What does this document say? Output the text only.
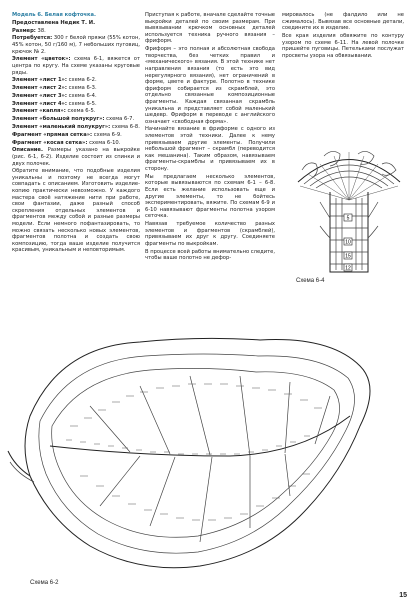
Модель 6. Белая кофточка.

Предоставлена Недик Т. И.

Размер: 38.

Потребуется: 300 г белой пряжи (55% котон, 45% котон, 50 г/160 м), 7 небольших пуговиц, крючок № 2.

Элемент «цветок»: схема 6-1, вяжется от центра по кругу. На схеме указаны круговые ряды.

Элемент «лист 1»: схема 6-2.

Элемент «лист 2»: схема 6-3.

Элемент «лист 3»: схема 6-4.

Элемент «лист 4»: схема 6-5.

Элемент «капля»: схема 6-5.

Элемент «большой полукруг»: схема 6-7.

Элемент «маленький полукруг»: схема 6-8.

Фрагмент «прямая сетка»: схема 6-9.

Фрагмент «косая сетка»: схема 6-10.

Описание. Размеры указано на выкройке (рис. 6-1, 6-2). Изделие состоит из спинки и двух полочек.

Обратите внимание, что подобные изделия уникальны и поэтому не всегда могут совпадать с описанием. Изготовить изделие-копию практически невозможно. У каждого мастера своё натяжение нити при работе, свои фантазии, даже разный способ скрепления отдельных элементов и фрагментов между собой и разные размеры модели. Если немного пофантазировать, то можно связать несколько новых элементов, фрагментов полотна и создать свою композицию, тогда ваше изделие получится красивым, уникальным и неповторимым.

Приступая к работе, вначале сделайте точные выкройки деталей по своим размерам. При вывязывании крючком основных деталей используется техника ручного вязания – фриформ.

Фриформ – это полная и абсолютная свобода творчества, без четких правил и «механического» вязания. В этой технике нет направления вязания (то есть это вид нерегулярного вязания), нет ограничений в форме, цвете и фактуре. Полотно в технике фриформ собирается из скрамблей, это отдельно связанные композиционные фрагменты. Каждая связанная скрамбль уникальна и представляет собой маленький шедевр. Фриформ в переводе с английского означает «свободная форма».

Начинайте вязание в фриформе с одного из элементов этой техники. Далее к нему привязываем другие элементы. Получили небольшой фрагмент – скрамбл (переводится как мешанина). Таким образом, навязываем фрагменты-скрамблы и привязываем их в сторону.

Мы предлагаем несколько элементов, которые вывязываются по схемам 6-1 – 6-8. Если есть желание использовать еще и другие элементы, то не бойтесь экспериментировать, вяжите. По схемам 6-9 и 6-10 навязывают фрагменты полотна узором сеточка.

Навязав требуемое количество разных элементов и фрагментов (скрамблей), привязываем их друг к другу. Соединяете фрагменты по выкройкам.

В процессе всей работы внимательно следите, чтобы ваше полотно не дефор-

мировалось (не фалдило или не сжималось). Вывязав все основные детали, соедините их в изделие.

Все края изделия обвяжите по контуру узором по схеме 6-11. На левой полочке пришейте пуговицы. Петельками послужат просветы узора на обвязывании.

5
10
15
12
Схема 6-4
Схема 6-2
15
